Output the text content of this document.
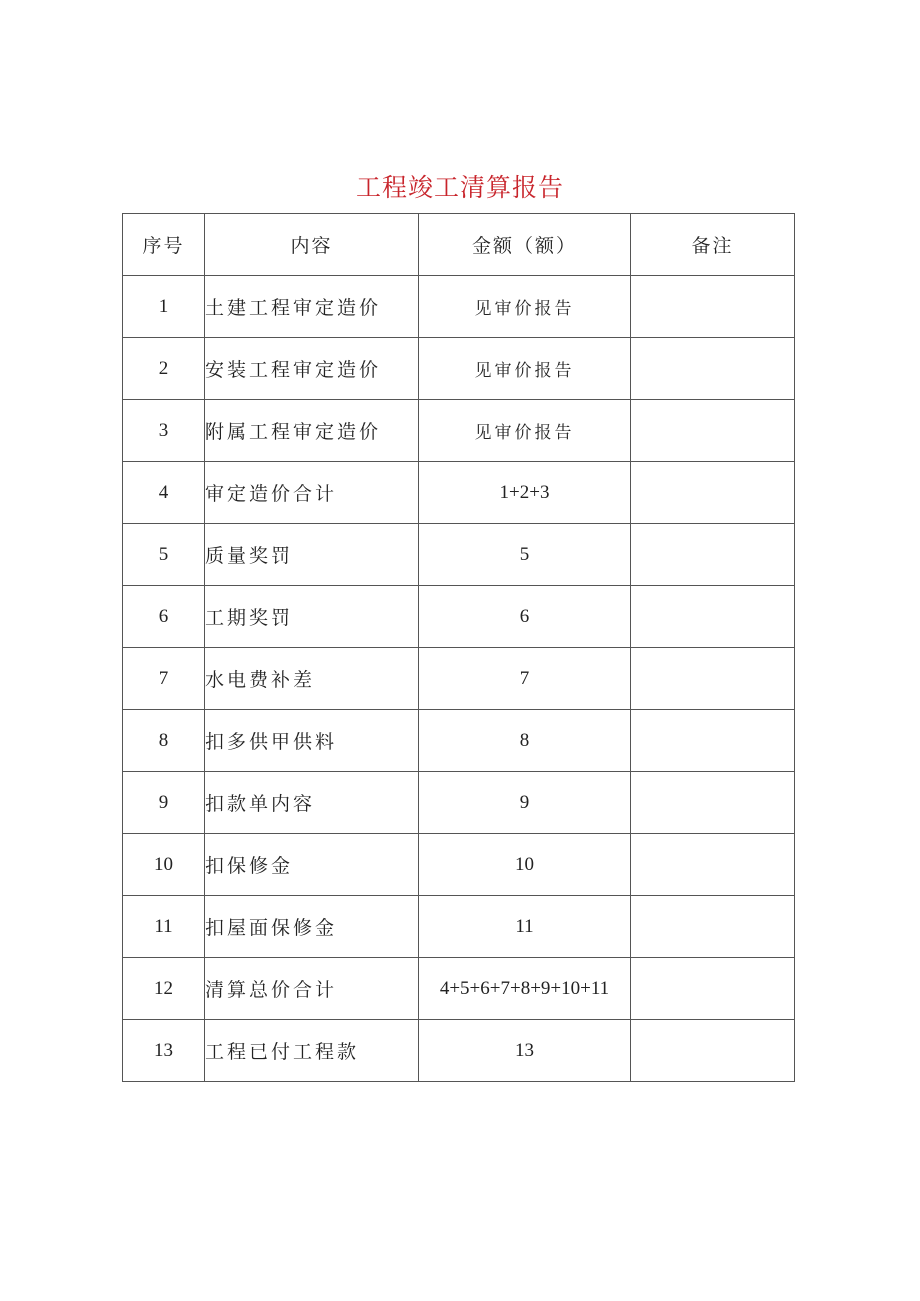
工程竣工清算报告
序号	内容	金额（额）	备注
1	土建工程审定造价	见审价报告	
2	安装工程审定造价	见审价报告	
3	附属工程审定造价	见审价报告	
4	审定造价合计	1+2+3	
5	质量奖罚	5	
6	工期奖罚	6	
7	水电费补差	7	
8	扣多供甲供料	8	
9	扣款单内容	9	
10	扣保修金	10	
11	扣屋面保修金	11	
12	清算总价合计	4+5+6+7+8+9+10+11	
13	工程已付工程款	13	
